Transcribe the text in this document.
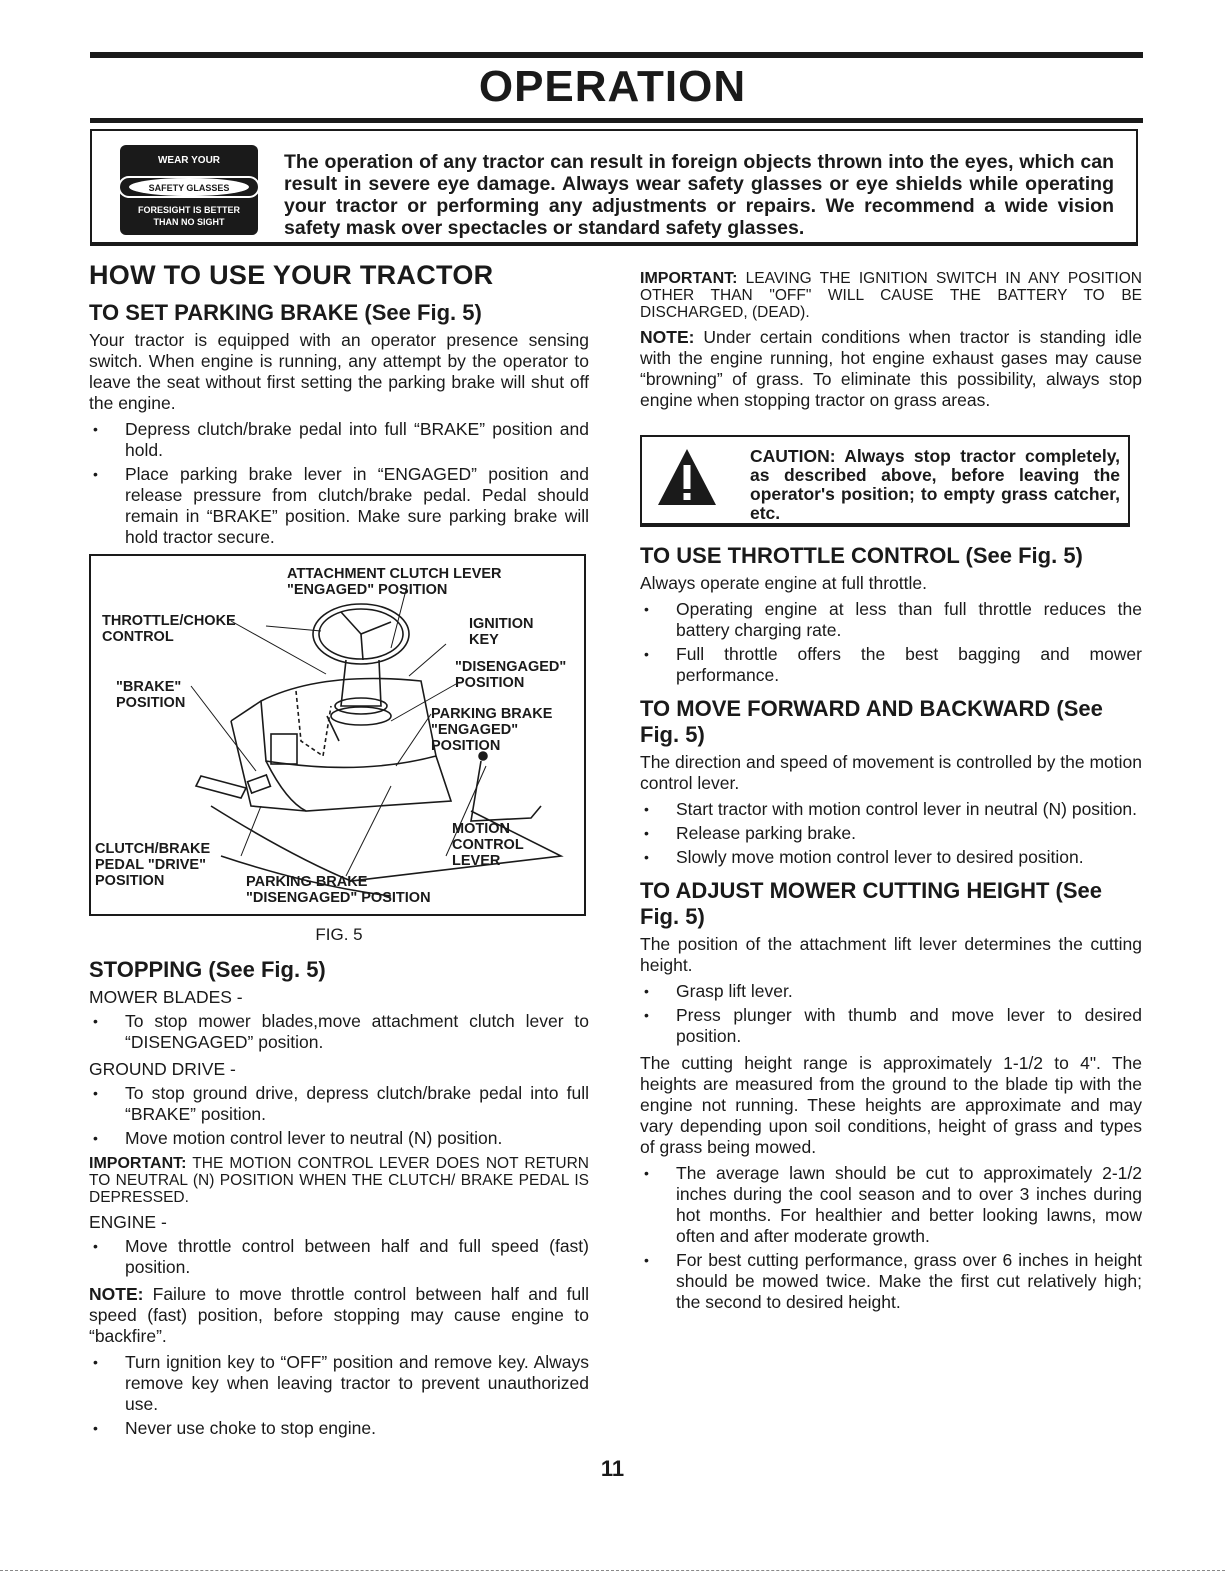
OPERATION
WEAR YOUR
SAFETY GLASSES
FORESIGHT IS BETTER
THAN NO SIGHT

The operation of any tractor can result in foreign objects thrown into the eyes, which can result in severe eye damage. Always wear safety glasses or eye shields while operating your tractor or performing any adjustments or repairs. We recommend a wide vision safety mask over spectacles or standard safety glasses.

HOW TO USE YOUR TRACTOR
TO SET PARKING BRAKE (See Fig. 5)

Your tractor is equipped with an operator presence sensing switch. When engine is running, any attempt by the operator to leave the seat without first setting the parking brake will shut off the engine.

• Depress clutch/brake pedal into full “BRAKE” position and hold.
• Place parking brake lever in “ENGAGED” position and release pressure from clutch/brake pedal. Pedal should remain in “BRAKE” position. Make sure parking brake will hold tractor secure.
ATTACHMENT CLUTCH LEVER
"ENGAGED" POSITION
THROTTLE/CHOKE
CONTROL
IGNITION
KEY
"DISENGAGED"
POSITION
"BRAKE"
POSITION
PARKING BRAKE
"ENGAGED"
POSITION
MOTION
CONTROL
LEVER
CLUTCH/BRAKE
PEDAL "DRIVE"
POSITION	PARKING BRAKE
"DISENGAGED" POSITION

FIG. 5

STOPPING (See Fig. 5)

MOWER BLADES -

• To stop mower blades,move attachment clutch lever to “DISENGAGED” position.

GROUND DRIVE -

• To stop ground drive, depress clutch/brake pedal into full “BRAKE” position.
• Move motion control lever to neutral (N) position.

IMPORTANT: THE MOTION CONTROL LEVER DOES NOT RETURN TO NEUTRAL (N) POSITION WHEN THE CLUTCH/ BRAKE PEDAL IS DEPRESSED.

ENGINE -

• Move throttle control between half and full speed (fast) position.

NOTE: Failure to move throttle control between half and full speed (fast) position, before stopping may cause engine to “backfire”.

• Turn ignition key to “OFF” position and remove key. Always remove key when leaving tractor to prevent unauthorized use.
• Never use choke to stop engine.

IMPORTANT: LEAVING THE IGNITION SWITCH IN ANY POSITION OTHER THAN "OFF" WILL CAUSE THE BATTERY TO BE DISCHARGED, (DEAD).

NOTE: Under certain conditions when tractor is standing idle with the engine running, hot engine exhaust gases may cause “browning” of grass. To eliminate this possibility, always stop engine when stopping tractor on grass areas.

CAUTION: Always stop tractor completely, as described above, before leaving the operator's position; to empty grass catcher, etc.

TO USE THROTTLE CONTROL (See Fig. 5)

Always operate engine at full throttle.

• Operating engine at less than full throttle reduces the battery charging rate.
• Full throttle offers the best bagging and mower performance.
TO MOVE FORWARD AND BACKWARD (See Fig. 5)

The direction and speed of movement is controlled by the motion control lever.

• Start tractor with motion control lever in neutral (N) position.
• Release parking brake.
• Slowly move motion control lever to desired position.
TO ADJUST MOWER CUTTING HEIGHT (See Fig. 5)

The position of the attachment lift lever determines the cutting height.

• Grasp lift lever.
• Press plunger with thumb and move lever to desired position.

The cutting height range is approximately 1-1/2 to 4". The heights are measured from the ground to the blade tip with the engine not running. These heights are approximate and may vary depending upon soil conditions, height of grass and types of grass being mowed.

• The average lawn should be cut to approximately 2-1/2 inches during the cool season and to over 3 inches during hot months. For healthier and better looking lawns, mow often and after moderate growth.
• For best cutting performance, grass over 6 inches in height should be mowed twice. Make the first cut relatively high; the second to desired height.
11
